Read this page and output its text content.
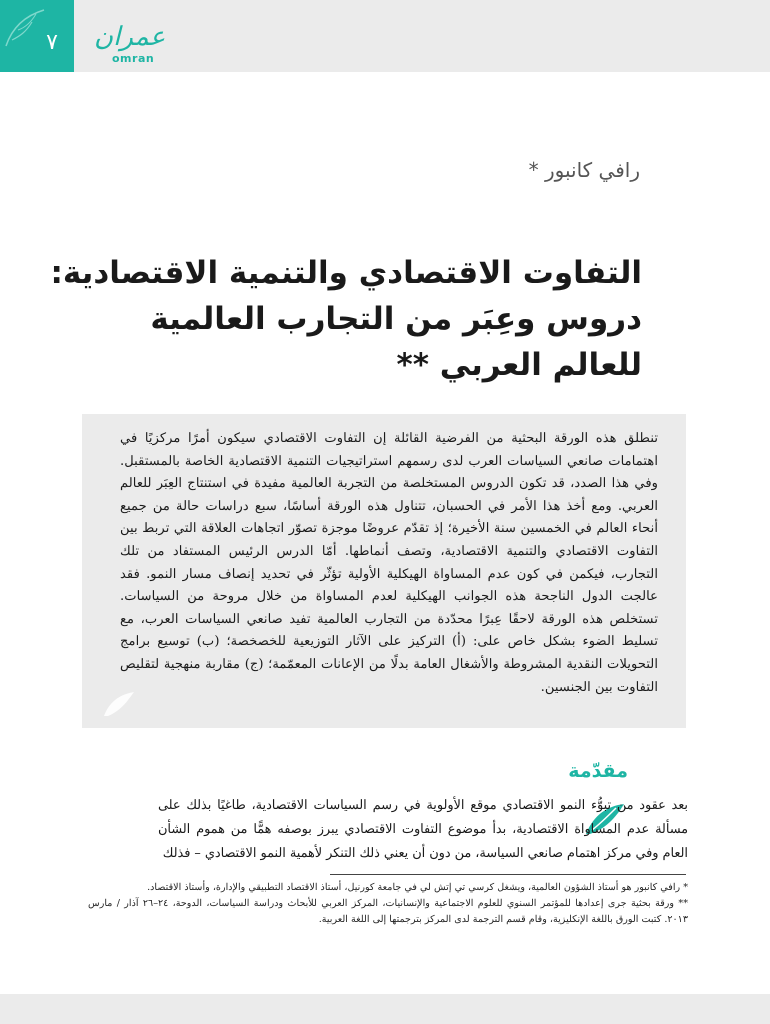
٧ عمران
omran
رافي كانبور *
التفاوت الاقتصادي والتنمية الاقتصادية:
دروس وعِبَر من التجارب العالمية
للعالم العربي **

تنطلق هذه الورقة البحثية من الفرضية القائلة إن التفاوت الاقتصادي سيكون أمرًا مركزيًا في اهتمامات صانعي السياسات العرب لدى رسمهم استراتيجيات التنمية الاقتصادية الخاصة بالمستقبل. وفي هذا الصدد، قد تكون الدروس المستخلصة من التجربة العالمية مفيدة في استنتاج العِبَر للعالم العربي. ومع أخذ هذا الأمر في الحسبان، تتناول هذه الورقة أساسًا، سبع دراسات حالة من جميع أنحاء العالم في الخمسين سنة الأخيرة؛ إذ تقدّم عروضًا موجزة تصوّر اتجاهات العلاقة التي تربط بين التفاوت الاقتصادي والتنمية الاقتصادية، وتصف أنماطها. أمّا الدرس الرئيس المستفاد من تلك التجارب، فيكمن في كون عدم المساواة الهيكلية الأولية تؤثّر في تحديد إنصاف مسار النمو. فقد عالجت الدول الناجحة هذه الجوانب الهيكلية لعدم المساواة من خلال مروحة من السياسات. تستخلص هذه الورقة لاحقًا عِبرًا محدّدة من التجارب العالمية تفيد صانعي السياسات العرب، مع تسليط الضوء بشكل خاص على: (أ) التركيز على الآثار التوزيعية للخصخصة؛ (ب) توسيع برامج التحويلات النقدية المشروطة والأشغال العامة بدلًا من الإعانات المعمّمة؛ (ج) مقاربة منهجية لتقليص التفاوت بين الجنسين.

مقدّمة
بعد عقود من تبوُّء النمو الاقتصادي موقع الأولوية في رسم السياسات الاقتصادية، طاغيًا بذلك على مسألة عدم المساواة الاقتصادية، بدأ موضوع التفاوت الاقتصادي يبرز بوصفه همًّا من هموم الشأن العام وفي مركز اهتمام صانعي السياسة، من دون أن يعني ذلك التنكر لأهمية النمو الاقتصادي – فذلك

* رافي كانبور هو أستاذ الشؤون العالمية، ويشغل كرسي تي إتش لي في جامعة كورنيل، أستاذ الاقتصاد التطبيقي والإدارة، وأستاذ الاقتصاد.

** ورقة بحثية جرى إعدادها للمؤتمر السنوي للعلوم الاجتماعية والإنسانيات، المركز العربي للأبحاث ودراسة السياسات، الدوحة، ٢٤–٢٦ آذار / مارس ٢٠١٣. كتبت الورق باللغة الإنكليزية، وقام قسم الترجمة لدى المركز بترجمتها إلى اللغة العربية.
